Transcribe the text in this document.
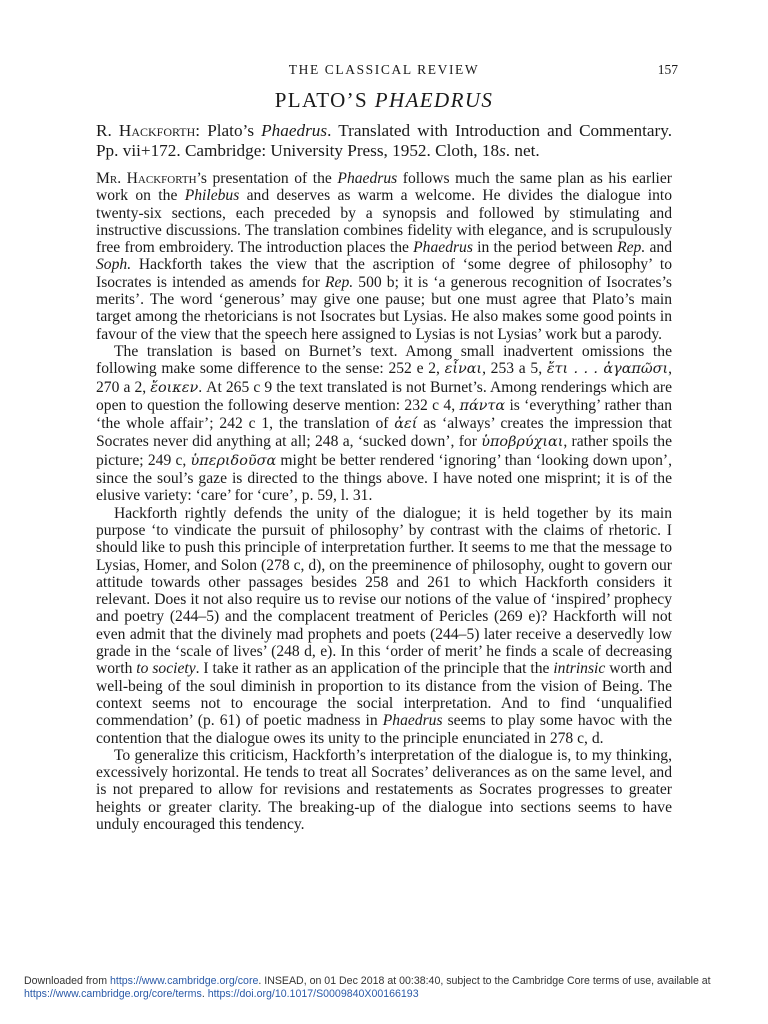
THE CLASSICAL REVIEW	157
PLATO’S PHAEDRUS
R. Hackforth: Plato’s Phaedrus. Translated with Introduction and Commentary. Pp. vii+172. Cambridge: University Press, 1952. Cloth, 18s. net.

Mr. Hackforth’s presentation of the Phaedrus follows much the same plan as his earlier work on the Philebus and deserves as warm a welcome. He divides the dialogue into twenty-six sections, each preceded by a synopsis and followed by stimulating and instructive discussions. The translation combines fidelity with elegance, and is scrupulously free from embroidery. The introduction places the Phaedrus in the period between Rep. and Soph. Hackforth takes the view that the ascription of ‘some degree of philosophy’ to Isocrates is intended as amends for Rep. 500 b; it is ‘a generous recognition of Isocrates’s merits’. The word ‘generous’ may give one pause; but one must agree that Plato’s main target among the rhetoricians is not Isocrates but Lysias. He also makes some good points in favour of the view that the speech here assigned to Lysias is not Lysias’ work but a parody.

The translation is based on Burnet’s text. Among small inadvertent omissions the following make some difference to the sense: 252 e 2, εἶναι, 253 a 5, ἔτι . . . ἀγαπῶσι, 270 a 2, ἔοικεν. At 265 c 9 the text translated is not Burnet’s. Among renderings which are open to question the following deserve mention: 232 c 4, πάντα is ‘everything’ rather than ‘the whole affair’; 242 c 1, the translation of ἀεί as ‘always’ creates the impression that Socrates never did anything at all; 248 a, ‘sucked down’, for ὑποβρύχιαι, rather spoils the picture; 249 c, ὑπεριδοῦσα might be better rendered ‘ignoring’ than ‘looking down upon’, since the soul’s gaze is directed to the things above. I have noted one misprint; it is of the elusive variety: ‘care’ for ‘cure’, p. 59, l. 31.

Hackforth rightly defends the unity of the dialogue; it is held together by its main purpose ‘to vindicate the pursuit of philosophy’ by contrast with the claims of rhetoric. I should like to push this principle of interpretation further. It seems to me that the message to Lysias, Homer, and Solon (278 c, d), on the preeminence of philosophy, ought to govern our attitude towards other passages besides 258 and 261 to which Hackforth considers it relevant. Does it not also require us to revise our notions of the value of ‘inspired’ prophecy and poetry (244–5) and the complacent treatment of Pericles (269 e)? Hackforth will not even admit that the divinely mad prophets and poets (244–5) later receive a deservedly low grade in the ‘scale of lives’ (248 d, e). In this ‘order of merit’ he finds a scale of decreasing worth to society. I take it rather as an application of the principle that the intrinsic worth and well-being of the soul diminish in proportion to its distance from the vision of Being. The context seems not to encourage the social interpretation. And to find ‘unqualified commendation’ (p. 61) of poetic madness in Phaedrus seems to play some havoc with the contention that the dialogue owes its unity to the principle enunciated in 278 c, d.

To generalize this criticism, Hackforth’s interpretation of the dialogue is, to my thinking, excessively horizontal. He tends to treat all Socrates’ deliverances as on the same level, and is not prepared to allow for revisions and restatements as Socrates progresses to greater heights or greater clarity. The breaking-up of the dialogue into sections seems to have unduly encouraged this tendency.

Downloaded from https://www.cambridge.org/core. INSEAD, on 01 Dec 2018 at 00:38:40, subject to the Cambridge Core terms of use, available at https://www.cambridge.org/core/terms. https://doi.org/10.1017/S0009840X00166193
